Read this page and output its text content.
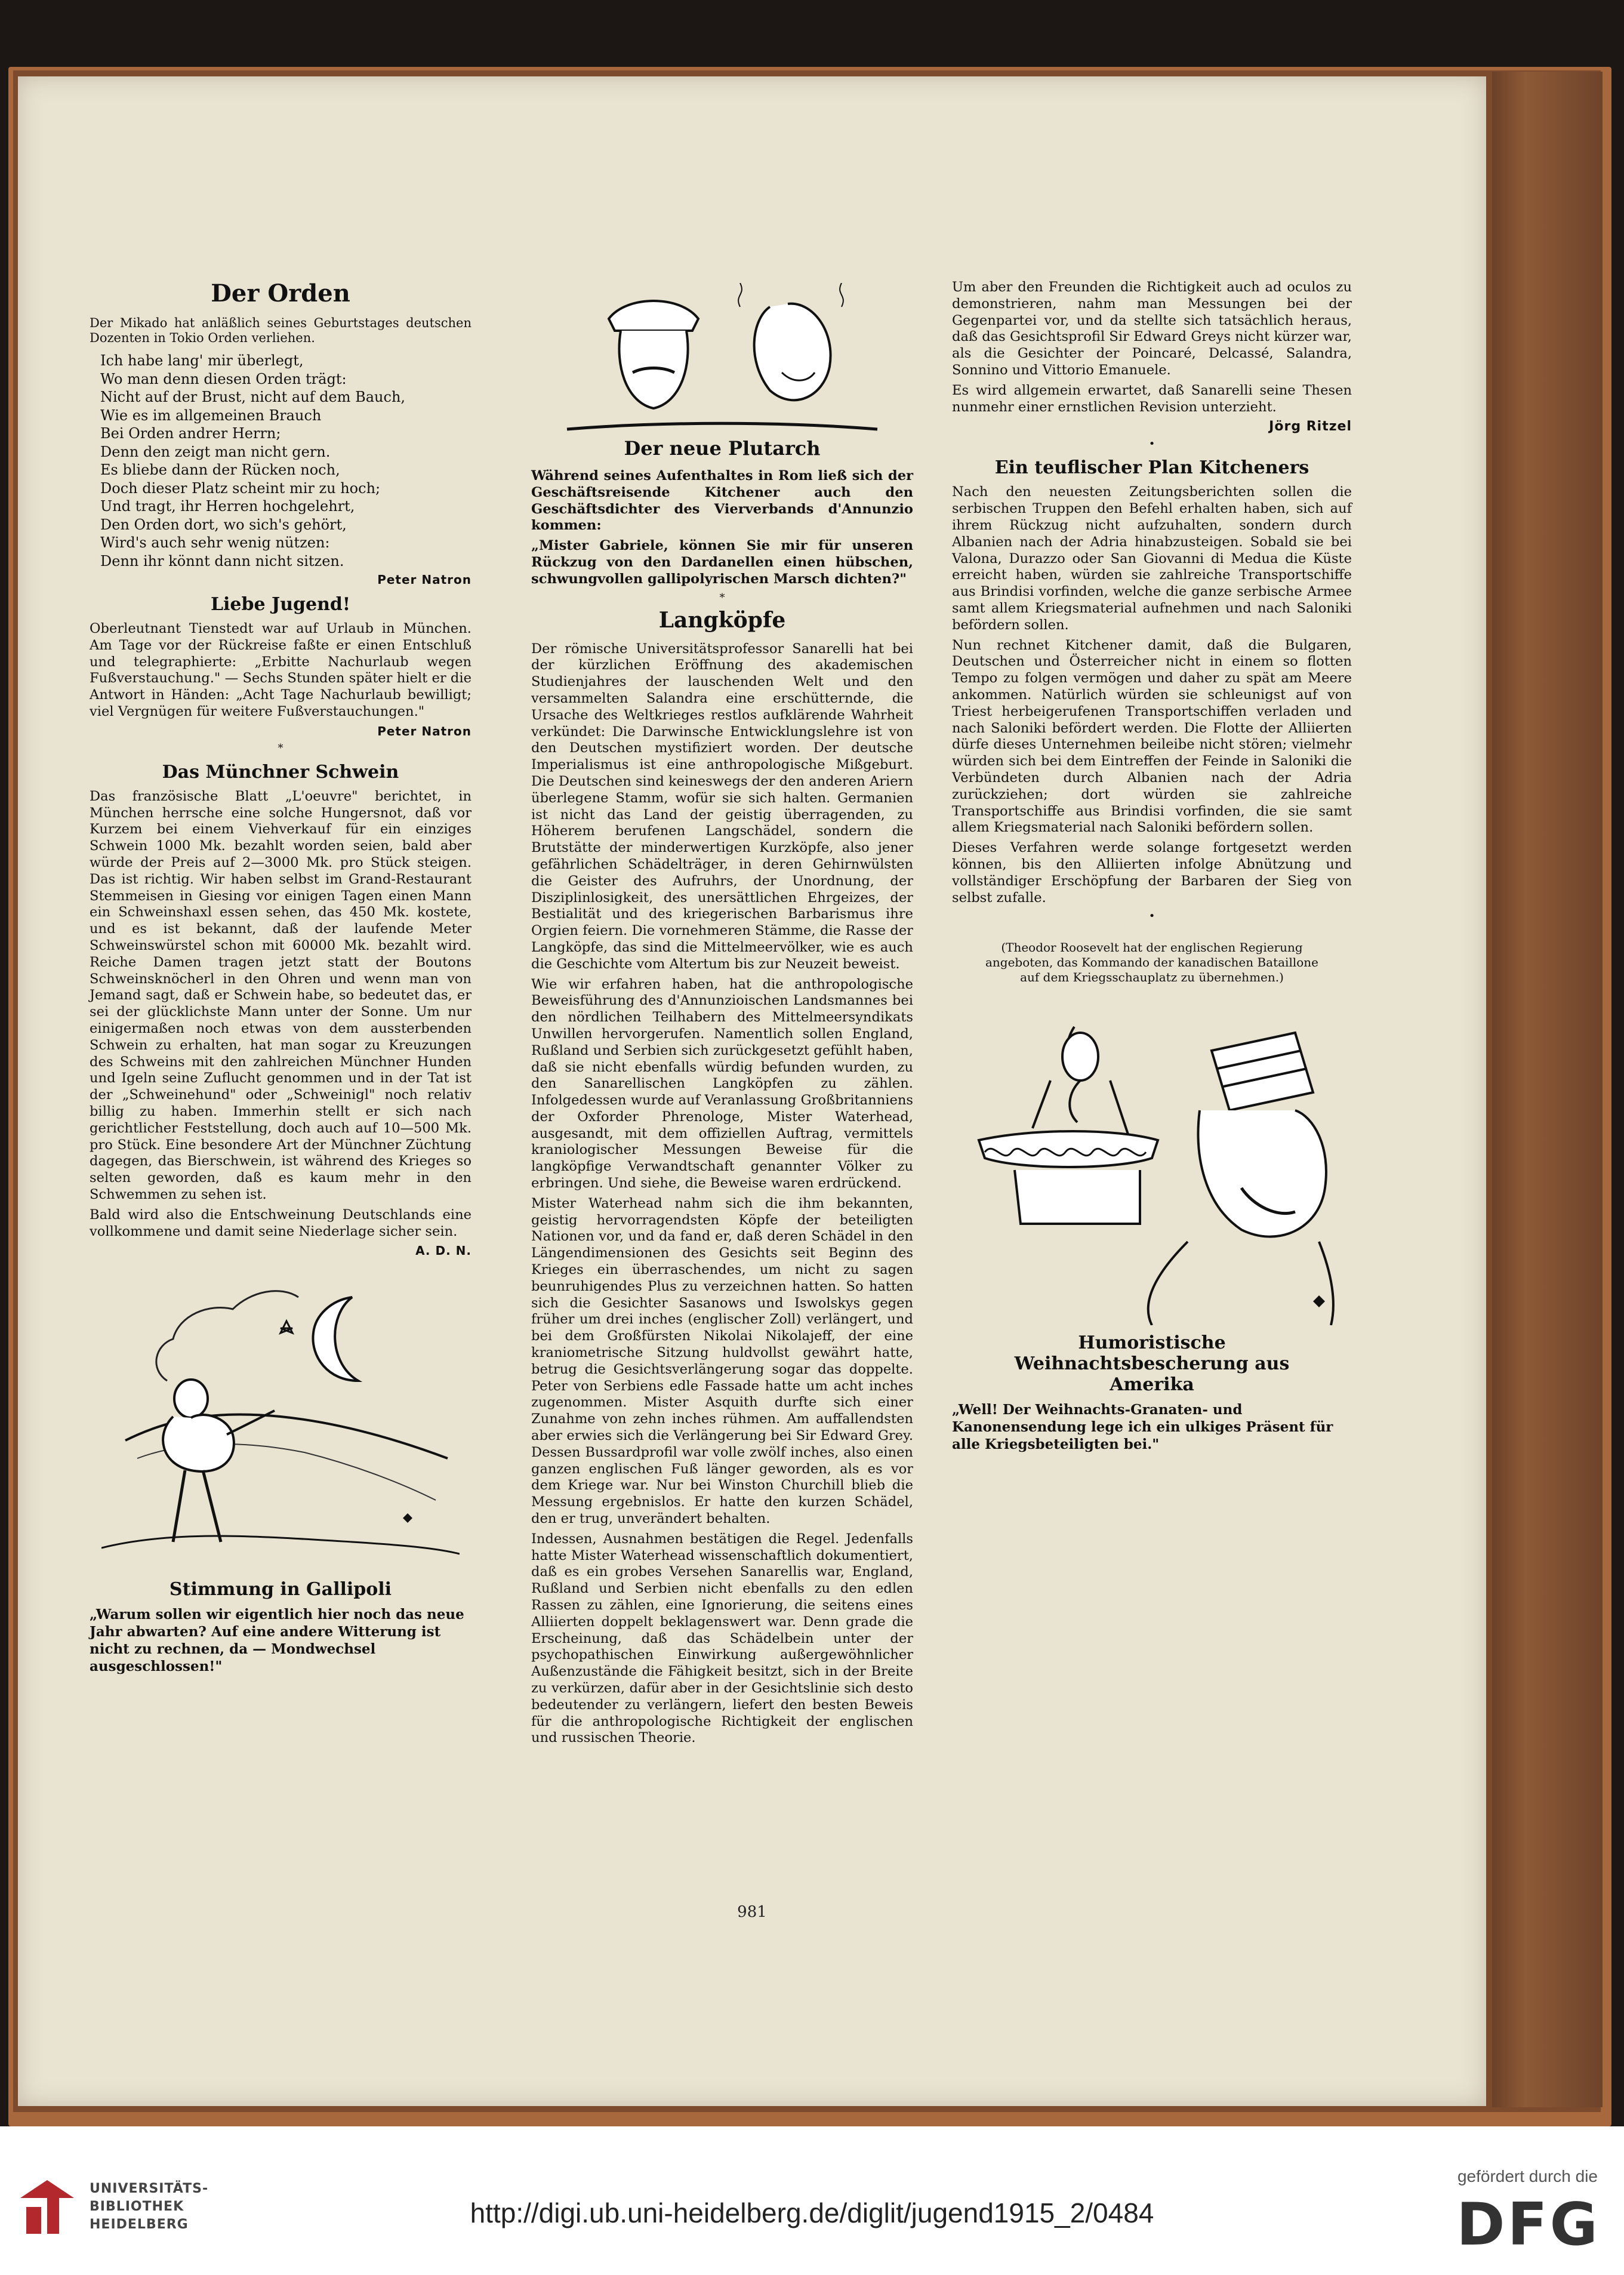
Der Orden

Der Mikado hat anläßlich seines Geburtstages deutschen Dozenten in Tokio Orden verliehen.

Ich habe lang' mir überlegt,

Wo man denn diesen Orden trägt:

Nicht auf der Brust, nicht auf dem Bauch,

Wie es im allgemeinen Brauch

Bei Orden andrer Herrn;

Denn den zeigt man nicht gern.

Es bliebe dann der Rücken noch,

Doch dieser Platz scheint mir zu hoch;

Und tragt, ihr Herren hochgelehrt,

Den Orden dort, wo sich's gehört,

Wird's auch sehr wenig nützen:

Denn ihr könnt dann nicht sitzen.

Peter Natron
Liebe Jugend!

Oberleutnant Tienstedt war auf Urlaub in München. Am Tage vor der Rückreise faßte er einen Entschluß und telegraphierte: „Erbitte Nachurlaub wegen Fußverstauchung." — Sechs Stunden später hielt er die Antwort in Händen: „Acht Tage Nachurlaub bewilligt; viel Vergnügen für weitere Fußverstauchungen."

Peter Natron
*
Das Münchner Schwein

Das französische Blatt „L'oeuvre" berichtet, in München herrsche eine solche Hungersnot, daß vor Kurzem bei einem Viehverkauf für ein einziges Schwein 1000 Mk. bezahlt worden seien, bald aber würde der Preis auf 2—3000 Mk. pro Stück steigen. Das ist richtig. Wir haben selbst im Grand-Restaurant Stemmeisen in Giesing vor einigen Tagen einen Mann ein Schweinshaxl essen sehen, das 450 Mk. kostete, und es ist bekannt, daß der laufende Meter Schweinswürstel schon mit 60000 Mk. bezahlt wird. Reiche Damen tragen jetzt statt der Boutons Schweinsknöcherl in den Ohren und wenn man von Jemand sagt, daß er Schwein habe, so bedeutet das, er sei der glücklichste Mann unter der Sonne. Um nur einigermaßen noch etwas von dem aussterbenden Schwein zu erhalten, hat man sogar zu Kreuzungen des Schweins mit den zahlreichen Münchner Hunden und Igeln seine Zuflucht genommen und in der Tat ist der „Schweinehund" oder „Schweinigl" noch relativ billig zu haben. Immerhin stellt er sich nach gerichtlicher Feststellung, doch auch auf 10—500 Mk. pro Stück. Eine besondere Art der Münchner Züchtung dagegen, das Bierschwein, ist während des Krieges so selten geworden, daß es kaum mehr in den Schwemmen zu sehen ist.

Bald wird also die Entschweinung Deutschlands eine vollkommene und damit seine Niederlage sicher sein.

A. D. N.
Stimmung in Gallipoli

„Warum sollen wir eigentlich hier noch das neue Jahr abwarten? Auf eine andere Witterung ist nicht zu rechnen, da — Mondwechsel ausgeschlossen!"

Der neue Plutarch

Während seines Aufenthaltes in Rom ließ sich der Geschäftsreisende Kitchener auch den Geschäftsdichter des Vierverbands d'Annunzio kommen:

„Mister Gabriele, können Sie mir für unseren Rückzug von den Dardanellen einen hübschen, schwungvollen gallipolyrischen Marsch dichten?"

*
Langköpfe

Der römische Universitätsprofessor Sanarelli hat bei der kürzlichen Eröffnung des akademischen Studienjahres der lauschenden Welt und den versammelten Salandra eine erschütternde, die Ursache des Weltkrieges restlos aufklärende Wahrheit verkündet: Die Darwinsche Entwicklungslehre ist von den Deutschen mystifiziert worden. Der deutsche Imperialismus ist eine anthropologische Mißgeburt. Die Deutschen sind keineswegs der den anderen Ariern überlegene Stamm, wofür sie sich halten. Germanien ist nicht das Land der geistig überragenden, zu Höherem berufenen Langschädel, sondern die Brutstätte der minderwertigen Kurzköpfe, also jener gefährlichen Schädelträger, in deren Gehirnwülsten die Geister des Aufruhrs, der Unordnung, der Disziplinlosigkeit, des unersättlichen Ehrgeizes, der Bestialität und des kriegerischen Barbarismus ihre Orgien feiern. Die vornehmeren Stämme, die Rasse der Langköpfe, das sind die Mittelmeervölker, wie es auch die Geschichte vom Altertum bis zur Neuzeit beweist.

Wie wir erfahren haben, hat die anthropologische Beweisführung des d'Annunzioischen Landsmannes bei den nördlichen Teilhabern des Mittelmeersyndikats Unwillen hervorgerufen. Namentlich sollen England, Rußland und Serbien sich zurückgesetzt gefühlt haben, daß sie nicht ebenfalls würdig befunden wurden, zu den Sanarellischen Langköpfen zu zählen. Infolgedessen wurde auf Veranlassung Großbritanniens der Oxforder Phrenologe, Mister Waterhead, ausgesandt, mit dem offiziellen Auftrag, vermittels kraniologischer Messungen Beweise für die langköpfige Verwandtschaft genannter Völker zu erbringen. Und siehe, die Beweise waren erdrückend.

Mister Waterhead nahm sich die ihm bekannten, geistig hervorragendsten Köpfe der beteiligten Nationen vor, und da fand er, daß deren Schädel in den Längendimensionen des Gesichts seit Beginn des Krieges ein überraschendes, um nicht zu sagen beunruhigendes Plus zu verzeichnen hatten. So hatten sich die Gesichter Sasanows und Iswolskys gegen früher um drei inches (englischer Zoll) verlängert, und bei dem Großfürsten Nikolai Nikolajeff, der eine kraniometrische Sitzung huldvollst gewährt hatte, betrug die Gesichtsverlängerung sogar das doppelte. Peter von Serbiens edle Fassade hatte um acht inches zugenommen. Mister Asquith durfte sich einer Zunahme von zehn inches rühmen. Am auffallendsten aber erwies sich die Verlängerung bei Sir Edward Grey. Dessen Bussardprofil war volle zwölf inches, also einen ganzen englischen Fuß länger geworden, als es vor dem Kriege war. Nur bei Winston Churchill blieb die Messung ergebnislos. Er hatte den kurzen Schädel, den er trug, unverändert behalten.

Indessen, Ausnahmen bestätigen die Regel. Jedenfalls hatte Mister Waterhead wissenschaftlich dokumentiert, daß es ein grobes Versehen Sanarellis war, England, Rußland und Serbien nicht ebenfalls zu den edlen Rassen zu zählen, eine Ignorierung, die seitens eines Alliierten doppelt beklagenswert war. Denn grade die Erscheinung, daß das Schädelbein unter der psychopathischen Einwirkung außergewöhnlicher Außenzustände die Fähigkeit besitzt, sich in der Breite zu verkürzen, dafür aber in der Gesichtslinie sich desto bedeutender zu verlängern, liefert den besten Beweis für die anthropologische Richtigkeit der englischen und russischen Theorie.

Um aber den Freunden die Richtigkeit auch ad oculos zu demonstrieren, nahm man Messungen bei der Gegenpartei vor, und da stellte sich tatsächlich heraus, daß das Gesichtsprofil Sir Edward Greys nicht kürzer war, als die Gesichter der Poincaré, Delcassé, Salandra, Sonnino und Vittorio Emanuele.

Es wird allgemein erwartet, daß Sanarelli seine Thesen nunmehr einer ernstlichen Revision unterzieht.

Jörg Ritzel
•
Ein teuflischer Plan Kitcheners

Nach den neuesten Zeitungsberichten sollen die serbischen Truppen den Befehl erhalten haben, sich auf ihrem Rückzug nicht aufzuhalten, sondern durch Albanien nach der Adria hinabzusteigen. Sobald sie bei Valona, Durazzo oder San Giovanni di Medua die Küste erreicht haben, würden sie zahlreiche Transportschiffe aus Brindisi vorfinden, welche die ganze serbische Armee samt allem Kriegsmaterial aufnehmen und nach Saloniki befördern sollen.

Nun rechnet Kitchener damit, daß die Bulgaren, Deutschen und Österreicher nicht in einem so flotten Tempo zu folgen vermögen und daher zu spät am Meere ankommen. Natürlich würden sie schleunigst auf von Triest herbeigerufenen Transportschiffen verladen und nach Saloniki befördert werden. Die Flotte der Alliierten dürfe dieses Unternehmen beileibe nicht stören; vielmehr würden sich bei dem Eintreffen der Feinde in Saloniki die Verbündeten durch Albanien nach der Adria zurückziehen; dort würden sie zahlreiche Transportschiffe aus Brindisi vorfinden, die sie samt allem Kriegsmaterial nach Saloniki befördern sollen.

Dieses Verfahren werde solange fortgesetzt werden können, bis den Alliierten infolge Abnützung und vollständiger Erschöpfung der Barbaren der Sieg von selbst zufalle.

•

(Theodor Roosevelt hat der englischen Regierung angeboten, das Kommando der kanadischen Bataillone auf dem Kriegsschauplatz zu übernehmen.)

Humoristische Weihnachtsbescherung aus Amerika

„Well! Der Weihnachts-Granaten- und Kanonensendung lege ich ein ulkiges Präsent für alle Kriegsbeteiligten bei."

981
UNIVERSITÄTS-
BIBLIOTHEK
HEIDELBERG	http://digi.ub.uni-heidelberg.de/diglit/jugend1915_2/0484
gefördert durch die
DFG
